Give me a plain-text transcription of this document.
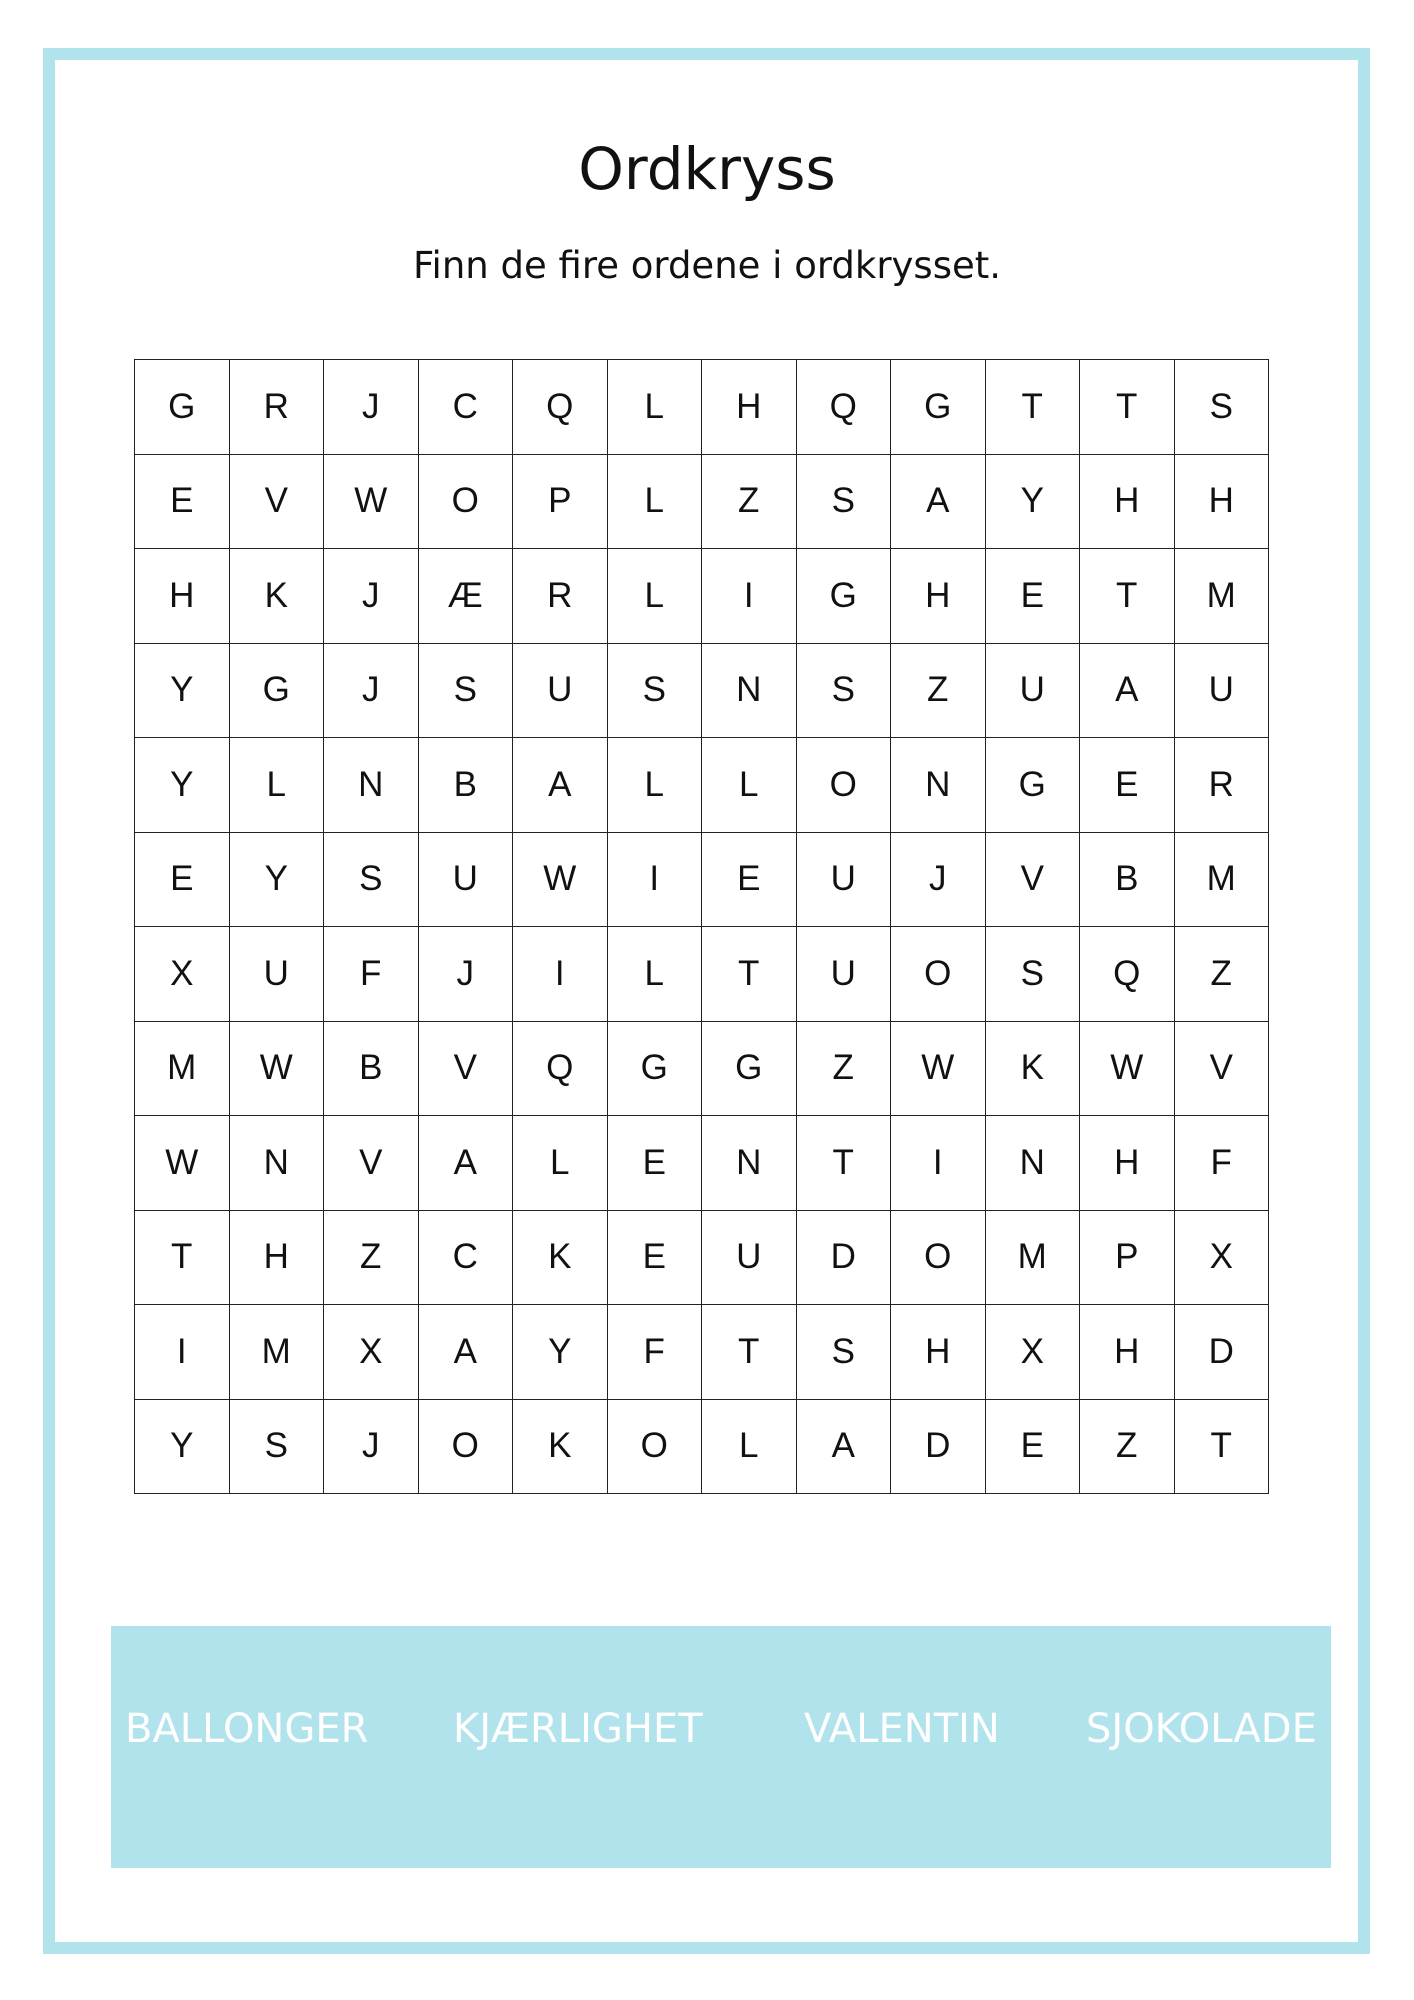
Ordkryss
Finn de fire ordene i ordkrysset.
G	R	J	C	Q	L	H	Q	G	T	T	S
E	V	W	O	P	L	Z	S	A	Y	H	H
H	K	J	Æ	R	L	I	G	H	E	T	M
Y	G	J	S	U	S	N	S	Z	U	A	U
Y	L	N	B	A	L	L	O	N	G	E	R
E	Y	S	U	W	I	E	U	J	V	B	M
X	U	F	J	I	L	T	U	O	S	Q	Z
M	W	B	V	Q	G	G	Z	W	K	W	V
W	N	V	A	L	E	N	T	I	N	H	F
T	H	Z	C	K	E	U	D	O	M	P	X
I	M	X	A	Y	F	T	S	H	X	H	D
Y	S	J	O	K	O	L	A	D	E	Z	T
BALLONGER KJÆRLIGHET	VALENTIN SJOKOLADE
